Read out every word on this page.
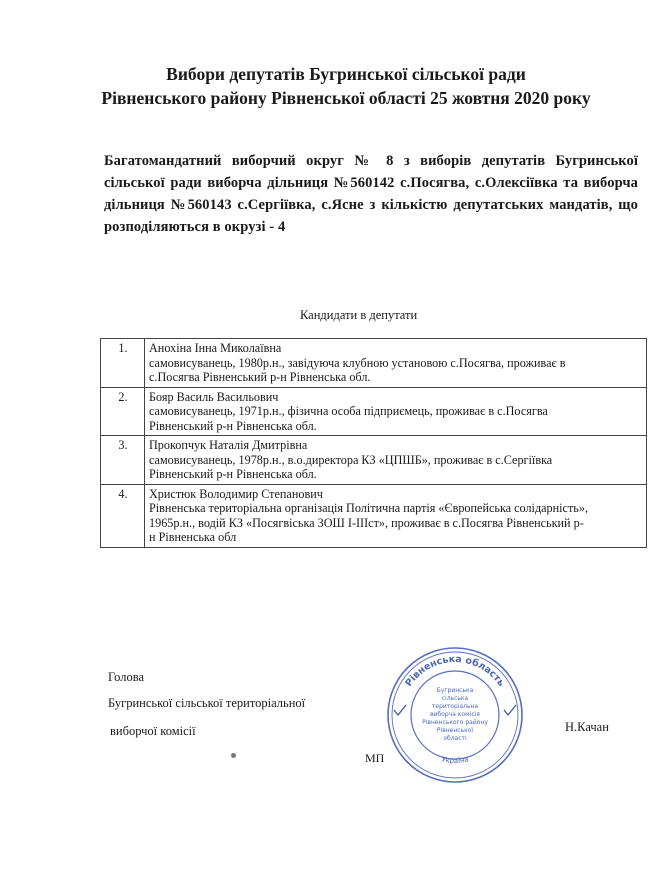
Вибори депутатів Бугринської сільської ради
Рівненського району Рівненської області 25 жовтня 2020 року
Багатомандатний виборчий округ № 8 з виборів депутатів Бугринської сільської ради виборча дільниця №560142 с.Посягва, с.Олексіївка та виборча дільниця №560143 с.Сергіївка, с.Ясне з кількістю депутатських мандатів, що розподіляються в окрузі - 4
Кандидати в депутати
1.	Анохіна Інна Миколаївна
самовисуванець, 1980р.н., завідуюча клубною установою с.Посягва, проживає в
с.Посягва Рівненський р-н Рівненська обл.

2.	Бояр Василь Васильович
самовисуванець, 1971р.н., фізична особа підприємець, проживає в с.Посягва
Рівненський р-н Рівненська обл.

3.	Прокопчук Наталія Дмитрівна
самовисуванець, 1978р.н., в.о.директора КЗ «ЦПШБ», проживає в с.Сергіївка
Рівненський р-н Рівненська обл.

4.	Христюк Володимир Степанович
Рівненська територіальна організація Політична партія «Європейська солідарність»,
1965р.н., водій КЗ «Посягвіська ЗОШ I-IIIст», проживає в с.Посягва Рівненський р-
н Рівненська обл
Голова
Бугринської сільської територіальної
виборчої комісії
МП
Рівненська область
Україна
Бугринська
сільська
територіальна
виборча комісія
Рівненського району
Рівненської
області
Н.Качан
